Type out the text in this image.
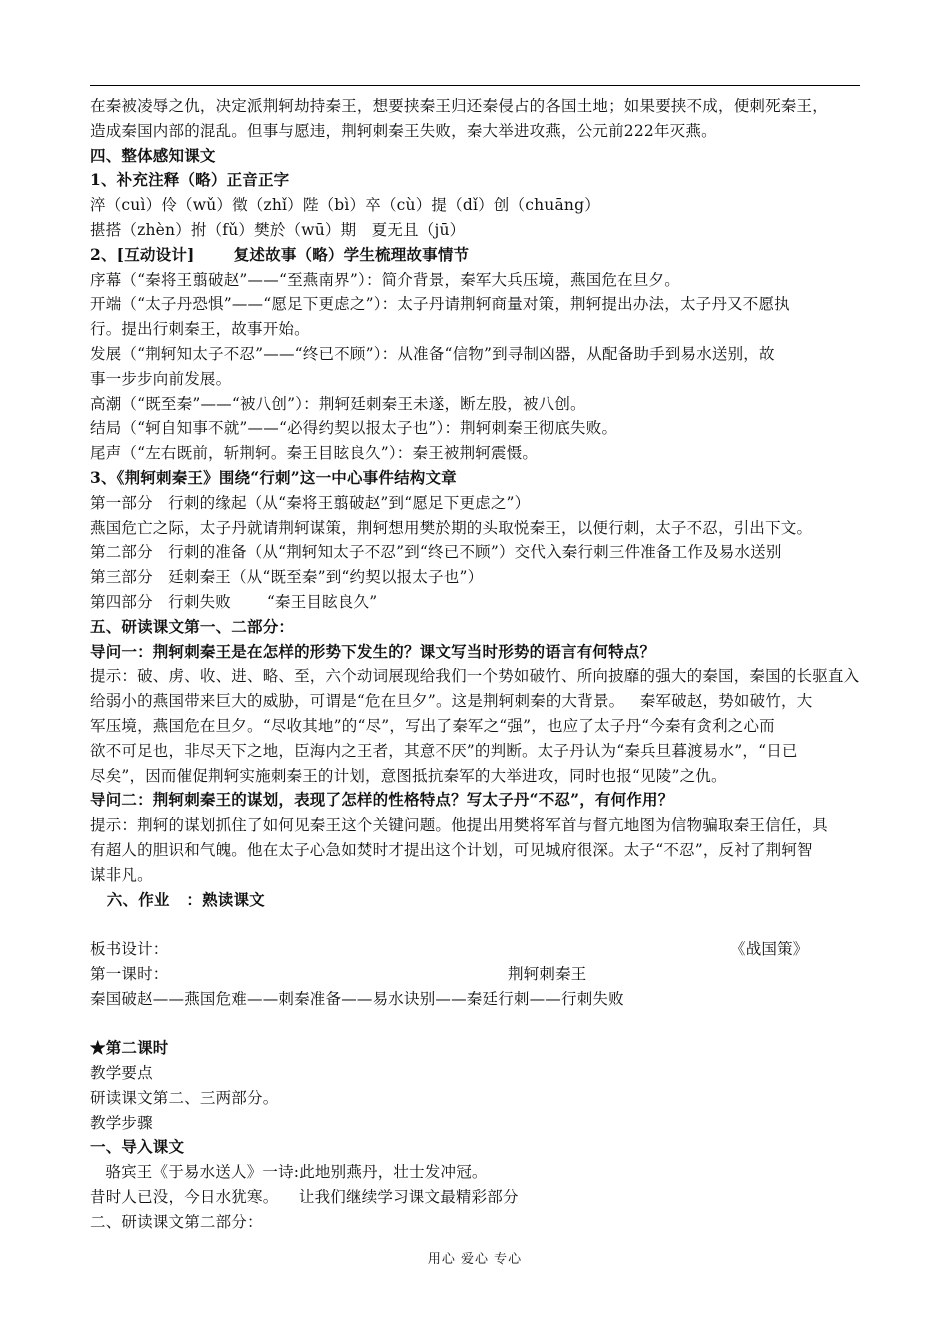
在秦被凌辱之仇，决定派荆轲劫持秦王，想要挟秦王归还秦侵占的各国土地；如果要挟不成，便刺死秦王，
造成秦国内部的混乱。但事与愿违，荆轲刺秦王失败，秦大举进攻燕，公元前222年灭燕。
四、整体感知课文
1、补充注释（略）正音正字
淬（cuì）伶（wǔ）徵（zhǐ）陛（bì）卒（cù）提（dǐ）创（chuāng）
揕搭（zhèn）拊（fǔ）樊於（wū）期   夏无且（jū）
2、[互动设计]       复述故事（略）学生梳理故事情节
序幕（“秦将王翦破赵”——“至燕南界”）：简介背景，秦军大兵压境，燕国危在旦夕。
开端（“太子丹恐惧”——“愿足下更虑之”）：太子丹请荆轲商量对策，荆轲提出办法，太子丹又不愿执
行。提出行刺秦王，故事开始。
发展（“荆轲知太子不忍”——“终已不顾”）：从准备“信物”到寻制凶器，从配备助手到易水送别，故
事一步步向前发展。
高潮（“既至秦”——“被八创”）：荆轲廷刺秦王未遂，断左股，被八创。
结局（“轲自知事不就”——“必得约契以报太子也”）：荆轲刺秦王彻底失败。
尾声（“左右既前，斩荆轲。秦王目眩良久”）：秦王被荆轲震慑。
3、《荆轲刺秦王》围绕“行刺”这一中心事件结构文章
第一部分   行刺的缘起（从“秦将王翦破赵”到“愿足下更虑之”）
燕国危亡之际，太子丹就请荆轲谋策，荆轲想用樊於期的头取悦秦王，以便行刺，太子不忍，引出下文。
第二部分   行刺的准备（从“荆轲知太子不忍”到“终已不顾”）交代入秦行刺三件准备工作及易水送别
第三部分   廷刺秦王（从“既至秦”到“约契以报太子也”）
第四部分   行刺失败       “秦王目眩良久”
五、研读课文第一、二部分：
导问一：荆轲刺秦王是在怎样的形势下发生的？课文写当时形势的语言有何特点？
提示：破、虏、收、进、略、至，六个动词展现给我们一个势如破竹、所向披靡的强大的秦国，秦国的长驱直入
给弱小的燕国带来巨大的威胁，可谓是“危在旦夕”。这是荆轲刺秦的大背景。   秦军破赵，势如破竹，大
军压境，燕国危在旦夕。“尽收其地”的“尽”，写出了秦军之“强”，也应了太子丹“今秦有贪利之心而
欲不可足也，非尽天下之地，臣海内之王者，其意不厌”的判断。太子丹认为“秦兵旦暮渡易水”，“日已
尽矣”，因而催促荆轲实施刺秦王的计划，意图抵抗秦军的大举进攻，同时也报“见陵”之仇。
导问二：荆轲刺秦王的谋划，表现了怎样的性格特点？写太子丹“不忍”，有何作用？
提示：荆轲的谋划抓住了如何见秦王这个关键问题。他提出用樊将军首与督亢地图为信物骗取秦王信任，具
有超人的胆识和气魄。他在太子心急如焚时才提出这个计划，可见城府很深。太子“不忍”，反衬了荆轲智
谋非凡。
六、作业   ：熟读课文

板书设计：

荆轲刺秦王

《战国策》
第一课时：
秦国破赵——燕国危难——刺秦准备——易水诀别——秦廷行刺——行刺失败
★第二课时
教学要点
研读课文第二、三两部分。
教学步骤
一、导入课文
骆宾王《于易水送人》一诗:此地别燕丹，壮士发冲冠。
昔时人已没，今日水犹寒。    让我们继续学习课文最精彩部分
二、研读课文第二部分：
用心 爱心 专心
